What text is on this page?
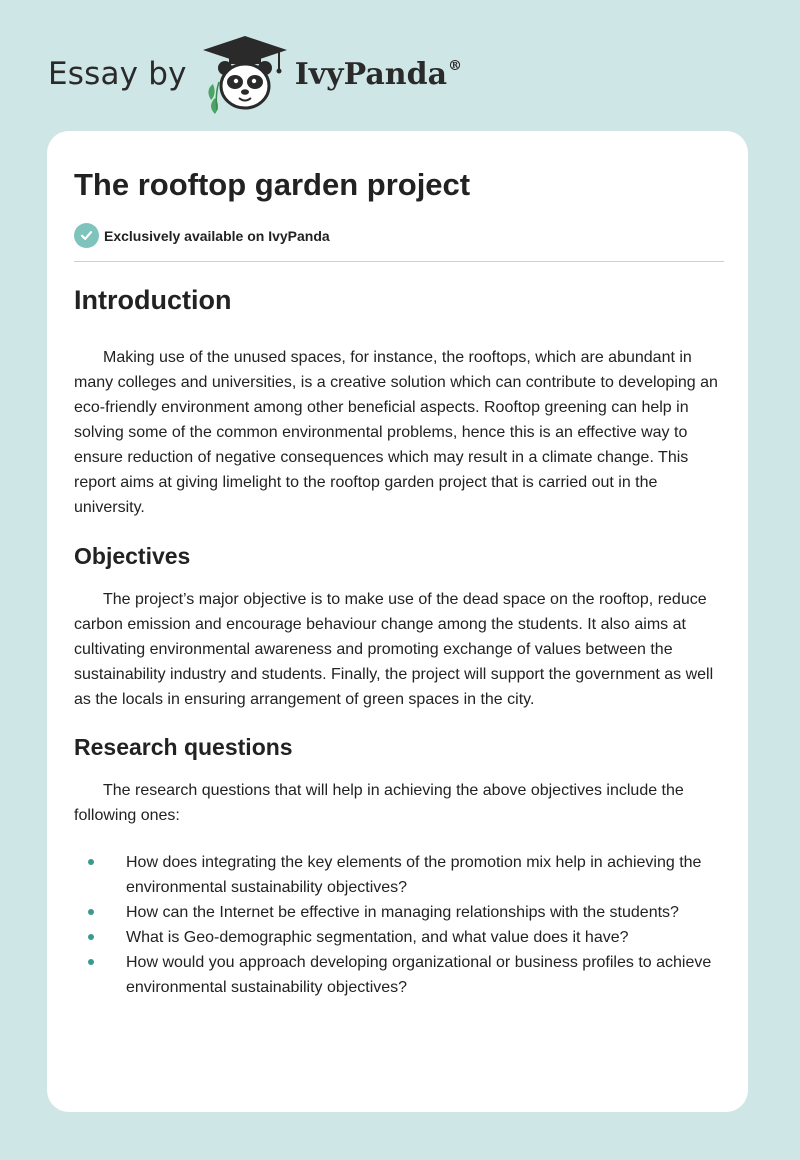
Essay by	IvyPanda®
The rooftop garden project
Exclusively available on IvyPanda
Introduction

Making use of the unused spaces, for instance, the rooftops, which are abundant in many colleges and universities, is a creative solution which can contribute to developing an eco-friendly environment among other beneficial aspects. Rooftop greening can help in solving some of the common environmental problems, hence this is an effective way to ensure reduction of negative consequences which may result in a climate change. This report aims at giving limelight to the rooftop garden project that is carried out in the university.

Objectives

The project’s major objective is to make use of the dead space on the rooftop, reduce carbon emission and encourage behaviour change among the students. It also aims at cultivating environmental awareness and promoting exchange of values between the sustainability industry and students. Finally, the project will support the government as well as the locals in ensuring arrangement of green spaces in the city.

Research questions

The research questions that will help in achieving the above objectives include the following ones:

How does integrating the key elements of the promotion mix help in achieving the environmental sustainability objectives?
How can the Internet be effective in managing relationships with the students?
What is Geo-demographic segmentation, and what value does it have?
How would you approach developing organizational or business profiles to achieve environmental sustainability objectives?
